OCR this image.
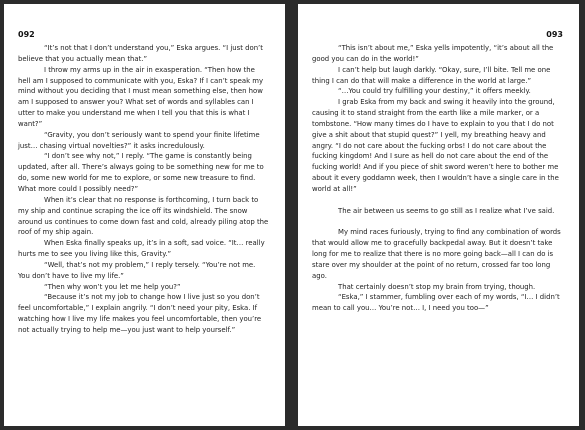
092

“It’s not that I don’t understand you,” Eska argues. “I just don’t believe that you actually mean that.”

I throw my arms up in the air in exasperation. “Then how the hell am I supposed to communicate with you, Eska? If I can’t speak my mind without you deciding that I must mean something else, then how am I supposed to answer you? What set of words and syllables can I utter to make you understand me when I tell you that this is what I want?”

“Gravity, you don’t seriously want to spend your finite lifetime just… chasing virtual novelties?” it asks incredulously.

“I don’t see why not,” I reply. “The game is constantly being updated, after all. There’s always going to be something new for me to do, some new world for me to explore, or some new treasure to find. What more could I possibly need?”

When it’s clear that no response is forthcoming, I turn back to my ship and continue scraping the ice off its windshield. The snow around us continues to come down fast and cold, already piling atop the roof of my ship again.

When Eska finally speaks up, it’s in a soft, sad voice. “It… really hurts me to see you living like this, Gravity.”

“Well, that’s not my problem,” I reply tersely. “You’re not me. You don’t have to live my life.”

“Then why won’t you let me help you?”

“Because it’s not my job to change how I live just so you don’t feel uncomfortable,” I explain angrily. “I don’t need your pity, Eska. If watching how I live my life makes you feel uncomfortable, then you’re not actually trying to help me—you just want to help yourself.”

093

“This isn’t about me,” Eska yells impotently, “it’s about all the good you can do in the world!”

I can’t help but laugh darkly. “Okay, sure, I’ll bite. Tell me one thing I can do that will make a difference in the world at large.”

“…You could try fulfilling your destiny,” it offers meekly.

I grab Eska from my back and swing it heavily into the ground, causing it to stand straight from the earth like a mile marker, or a tombstone. “How many times do I have to explain to you that I do not give a shit about that stupid quest?” I yell, my breathing heavy and angry. “I do not care about the fucking orbs! I do not care about the fucking kingdom! And I sure as hell do not care about the end of the fucking world! And if you piece of shit sword weren’t here to bother me about it every goddamn week, then I wouldn’t have a single care in the world at all!”

The air between us seems to go still as I realize what I’ve said.

My mind races furiously, trying to find any combination of words that would allow me to gracefully backpedal away. But it doesn’t take long for me to realize that there is no more going back—all I can do is stare over my shoulder at the point of no return, crossed far too long ago.

That certainly doesn’t stop my brain from trying, though.

“Eska,” I stammer, fumbling over each of my words, “I… I didn’t mean to call you… You’re not… I, I need you too—”
